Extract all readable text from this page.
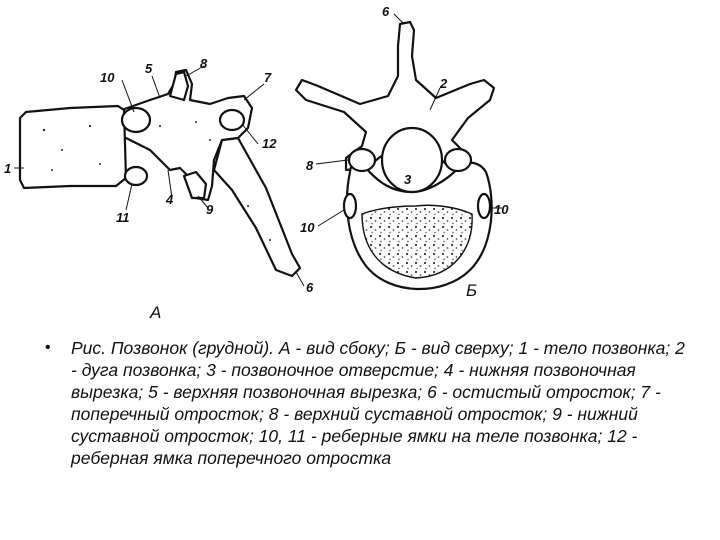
1
10
5	8
7
12
4
9
11
6
А
6
2
3
8
10
10
Б
• Рис. Позвонок (грудной). А - вид сбоку; Б - вид сверху; 1 - тело позвонка; 2 - дуга позвонка; 3 - позвоночное отверстие; 4 - нижняя позвоночная вырезка; 5 - верхняя позвоночная вырезка; 6 - остистый отросток; 7 - поперечный отросток; 8 - верхний суставной отросток; 9 - нижний суставной отросток; 10, 11 - реберные ямки на теле позвонка; 12 - реберная ямка поперечного отростка
